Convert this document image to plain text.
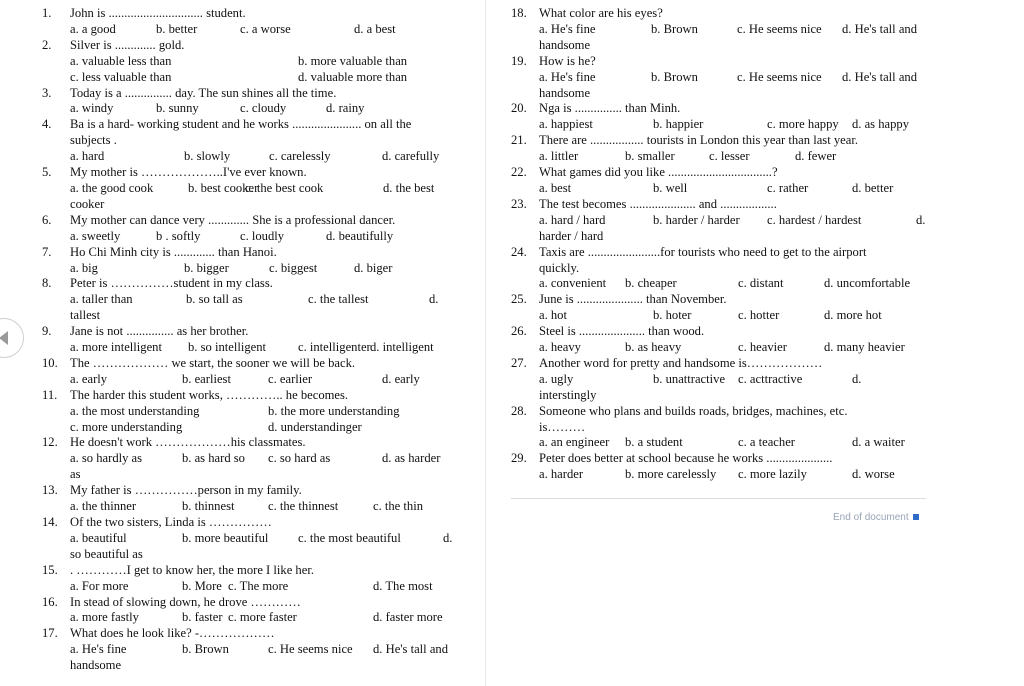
1. John is .............................. student.
a. a good	b. better	c. a worse	d. a best
2. Silver is ............. gold.
a. valuable less than	b. more valuable than
c. less valuable than	d. valuable more than
3. Today is a ............... day. The sun shines all the time.
a. windy	b. sunny	c. cloudy	d. rainy
4. Ba is a hard- working student and he works ...................... on all the
subjects .
a. hard	b. slowly	c. carelessly	d. carefully
5. My mother is ………………..I've ever known.
a. the good cook	b. best cooker
c. the best cook	d. the best
cooker
6. My mother can dance very ............. She is a professional dancer.
a. sweetly	b . softly	c. loudly	d. beautifully
7. Ho Chi Minh city is ............. than Hanoi.
a. big	b. bigger	c. biggest	d. biger
8. Peter is ……………student in my class.
a. taller than	b. so tall as	c. the tallest	d.
tallest
9. Jane is not ............... as her brother.
a. more intelligent b. so intelligent	c. intelligenter d. intelligent
10. The ……………… we start, the sooner we will be back.
a. early	b. earliest	c. earlier	d. early
11. The harder this student works, ………….. he becomes.
a. the most understanding	b. the more understanding
c. more understanding	d. understandinger
12. He doesn't work ………………his classmates.
a. so hardly as	b. as hard so c. so hard as	d. as harder
as
13. My father is ……………person in my family.
a. the thinner	b. thinnest	c. the thinnest	c. the thin
14. Of the two sisters, Linda is ……………
a. beautiful	b. more beautiful c. the most beautiful	d.
so beautiful as
15. . …………I get to know her, the more I like her.
a. For more	b. More c. The more	d. The most
16. In stead of slowing down, he drove …………
a. more fastly	b. faster c. more faster	d. faster more
17. What does he look like? -………………
a. He's fine	b. Brown	c. He seems nice d. He's tall and
handsome
18. What color are his eyes?
a. He's fine	b. Brown	c. He seems nice d. He's tall and
handsome
19. How is he?
a. He's fine	b. Brown	c. He seems nice d. He's tall and
handsome
20. Nga is ............... than Minh.
a. happiest	b. happier	c. more happy d. as happy
21. There are ................. tourists in London this year than last year.
a. littler	b. smaller	c. lesser	d. fewer
22. What games did you like .................................?
a. best	b. well	c. rather	d. better
23. The test becomes ..................... and ..................
a. hard / hard	b. harder / harder c. hardest / hardest	d.
harder / hard
24. Taxis are .......................for tourists who need to get to the airport
quickly.
a. convenient b. cheaper	c. distant	d. uncomfortable
25. June is ..................... than November.
a. hot	b. hoter	c. hotter	d. more hot
26. Steel is ..................... than wood.
a. heavy	b. as heavy	c. heavier	d. many heavier
27. Another word for pretty and handsome is………………
a. ugly	b. unattractive c. acttractive	d.
interstingly
28. Someone who plans and builds roads, bridges, machines, etc.
is………
a. an engineer b. a student	c. a teacher	d. a waiter
29. Peter does better at school because he works .....................
a. harder	b. more carelessly c. more lazily	d. worse
End of document
